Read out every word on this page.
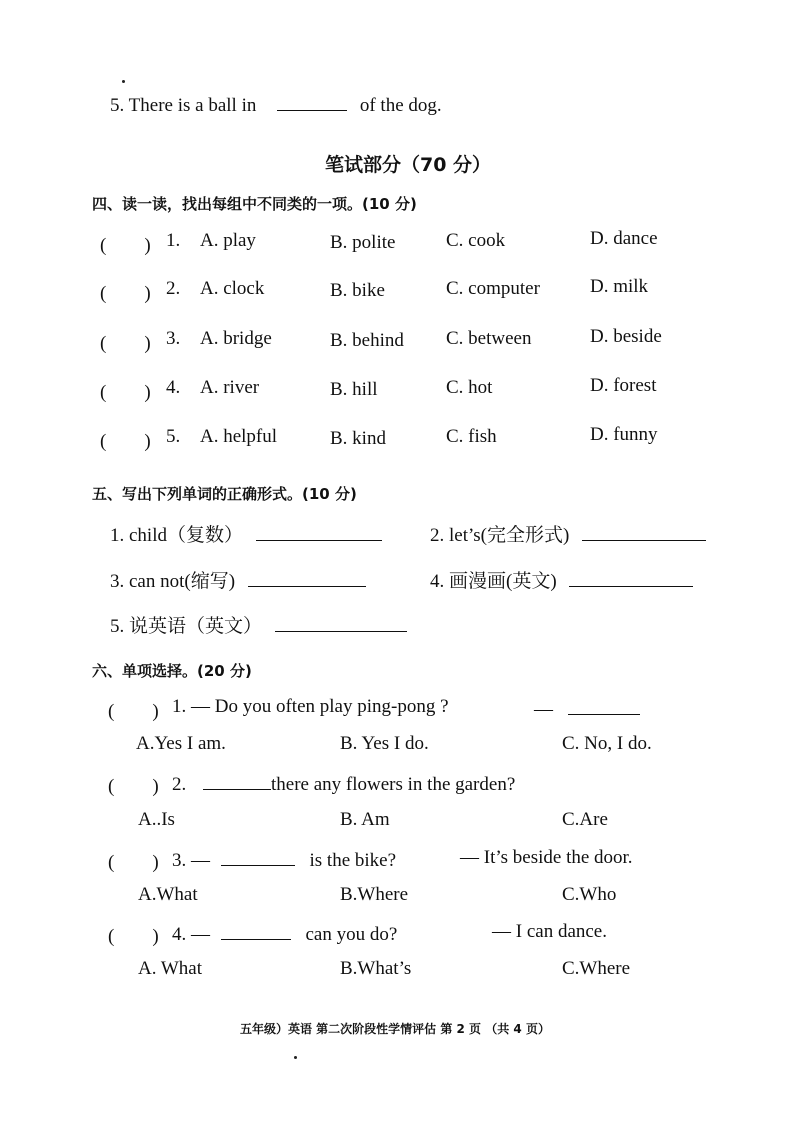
5. There is a ball in	of the dog.
笔试部分（70 分）
四、读一读，找出每组中不同类的一项。(10 分)
(　　) 1. A. play	B. polite	C. cook	D. dance
(　　) 2. A. clock	B. bike	C. computer	D. milk
(　　) 3. A. bridge	B. behind C. between	D. beside
(　　) 4. A. river	B. hill	C. hot	D. forest
(　　) 5. A. helpful	B. kind	C. fish	D. funny
五、写出下列单词的正确形式。(10 分)
1. child（复数）	2. let’s(完全形式)
3. can not(缩写)	4. 画漫画(英文)
5. 说英语（英文）
六、单项选择。(20 分)
(　　) 1. — Do you often play ping-pong ?	—
A.Yes I am.	B. Yes I do.	C. No, I do.
(　　) 2.	there any flowers in the garden?
A..Is	B. Am	C.Are
(　　) 3. —	is the bike?	— It’s beside the door.
A.What	B.Where	C.Who
(　　) 4. —	can you do?	— I can dance.
A. What	B.What’s	C.Where
五年级）英语 第二次阶段性学情评估 第 2 页 （共 4 页）
